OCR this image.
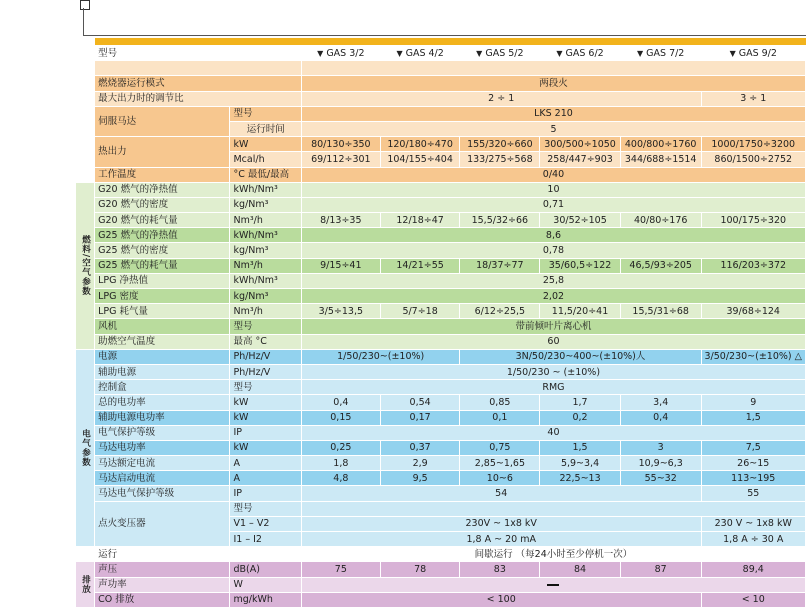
	型号		▼ GAS 3/2	▼ GAS 4/2	▼ GAS 5/2	▼ GAS 6/2	▼ GAS 7/2	▼ GAS 9/2

	燃烧器运行模式		两段火					
	最大出力时的调节比		2 ÷ 1					3 ÷ 1
	伺服马达	型号	LKS 210					
		运行时间	5					
	热出力	kW	80/130÷350	120/180÷470	155/320÷660	300/500÷1050	400/800÷1760	1000/1750÷3200
		Mcal/h	69/112÷301	104/155÷404	133/275÷568	258/447÷903	344/688÷1514	860/1500÷2752
	工作温度	°C 最低/最高	0/40					

燃料/空气参数	G20 燃气的净热值	kWh/Nm³	10					
	G20 燃气的密度	kg/Nm³	0,71					
	G20 燃气的耗气量	Nm³/h	8/13÷35	12/18÷47	15,5/32÷66	30/52÷105	40/80÷176	100/175÷320
	G25 燃气的净热值	kWh/Nm³	8,6					
	G25 燃气的密度	kg/Nm³	0,78					
	G25 燃气的耗气量	Nm³/h	9/15÷41	14/21÷55	18/37÷77	35/60,5÷122	46,5/93÷205	116/203÷372
	LPG 净热值	kWh/Nm³	25,8					
	LPG 密度	kg/Nm³	2,02					
	LPG 耗气量	Nm³/h	3/5÷13,5	5/7÷18	6/12÷25,5	11,5/20÷41	15,5/31÷68	39/68÷124
	风机	型号	带前倾叶片离心机					
	助燃空气温度	最高 °C	60					

电气参数	电源	Ph/Hz/V	1/50/230~(±10%)		3N/50/230~400~(±10%)人			3/50/230~(±10%) △
	辅助电源	Ph/Hz/V	1/50/230 ~ (±10%)					
	控制盒	型号	RMG					
	总的电功率	kW	0,4	0,54	0,85	1,7	3,4	9
	辅助电源电功率	kW	0,15	0,17	0,1	0,2	0,4	1,5
	电气保护等级	IP	40					
	马达电功率	kW	0,25	0,37	0,75	1,5	3	7,5
	马达额定电流	A	1,8	2,9	2,85~1,65	5,9~3,4	10,9~6,3	26~15
	马达启动电流	A	4,8	9,5	10~6	22,5~13	55~32	113~195
	马达电气保护等级	IP	54					55
	点火变压器	型号						
		V1 – V2	230V ~ 1x8 kV					230 V ~ 1x8 kW
		I1 – I2	1,8 A ~ 20 mA					1,8 A ÷ 30 A
	运行		间歇运行 （每24小时至少停机一次）					

排放	声压	dB(A)	75	78	83	84	87	89,4
	声功率	W						
	CO 排放	mg/kWh	< 100					< 10
